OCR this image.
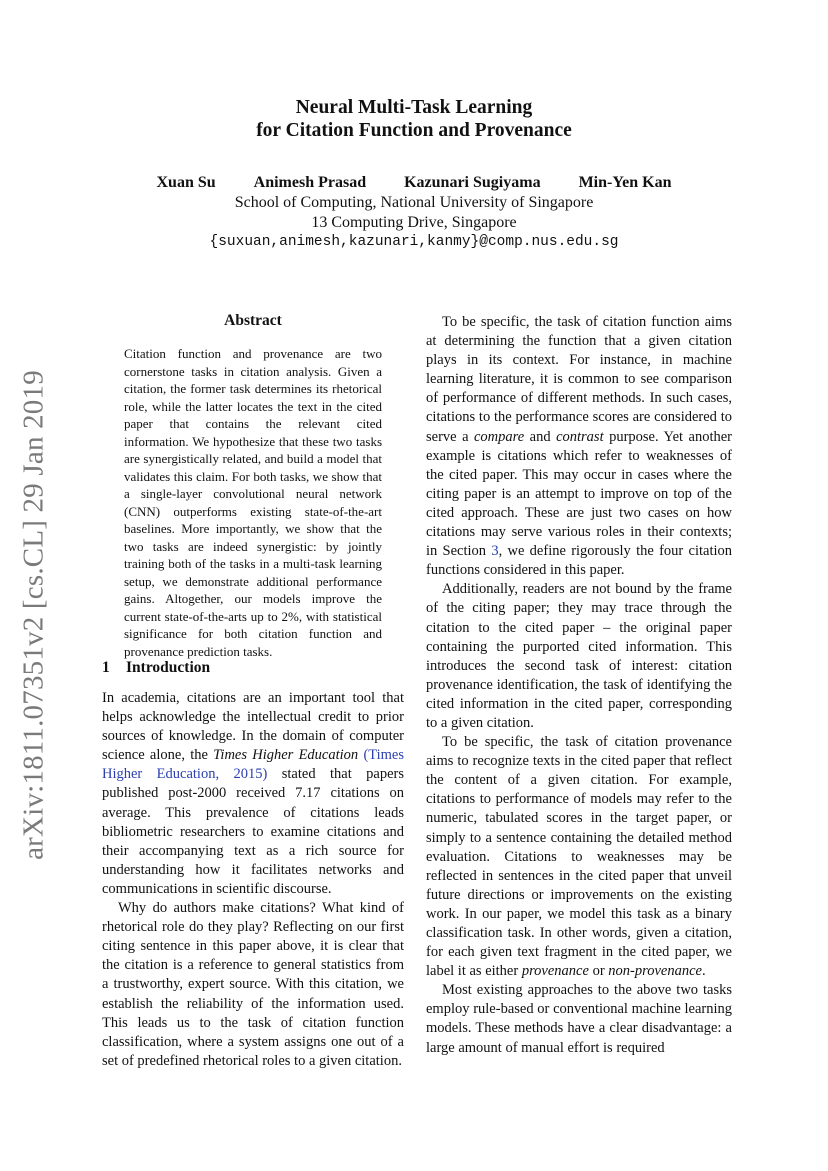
arXiv:1811.07351v2 [cs.CL] 29 Jan 2019
Neural Multi-Task Learning
for Citation Function and Provenance
Xuan Su Animesh Prasad Kazunari Sugiyama Min-Yen Kan
School of Computing, National University of Singapore
13 Computing Drive, Singapore
{suxuan,animesh,kazunari,kanmy}@comp.nus.edu.sg
Abstract
Citation function and provenance are two cornerstone tasks in citation analysis. Given a citation, the former task determines its rhetorical role, while the latter locates the text in the cited paper that contains the relevant cited information. We hypothesize that these two tasks are synergistically related, and build a model that validates this claim. For both tasks, we show that a single-layer convolutional neural network (CNN) outperforms existing state-of-the-art baselines. More importantly, we show that the two tasks are indeed synergistic: by jointly training both of the tasks in a multi-task learning setup, we demonstrate additional performance gains. Altogether, our models improve the current state-of-the-arts up to 2%, with statistical significance for both citation function and provenance prediction tasks.
1 Introduction

In academia, citations are an important tool that helps acknowledge the intellectual credit to prior sources of knowledge. In the domain of computer science alone, the Times Higher Education (Times Higher Education, 2015) stated that papers published post-2000 received 7.17 citations on average. This prevalence of citations leads bibliometric researchers to examine citations and their accompanying text as a rich source for understanding how it facilitates networks and communications in scientific discourse.

Why do authors make citations? What kind of rhetorical role do they play? Reflecting on our first citing sentence in this paper above, it is clear that the citation is a reference to general statistics from a trustworthy, expert source. With this citation, we establish the reliability of the information used. This leads us to the task of citation function classification, where a system assigns one out of a set of predefined rhetorical roles to a given citation.

To be specific, the task of citation function aims at determining the function that a given citation plays in its context. For instance, in machine learning literature, it is common to see comparison of performance of different methods. In such cases, citations to the performance scores are considered to serve a compare and contrast purpose. Yet another example is citations which refer to weaknesses of the cited paper. This may occur in cases where the citing paper is an attempt to improve on top of the cited approach. These are just two cases on how citations may serve various roles in their contexts; in Section 3, we define rigorously the four citation functions considered in this paper.

Additionally, readers are not bound by the frame of the citing paper; they may trace through the citation to the cited paper – the original paper containing the purported cited information. This introduces the second task of interest: citation provenance identification, the task of identifying the cited information in the cited paper, corresponding to a given citation.

To be specific, the task of citation provenance aims to recognize texts in the cited paper that reflect the content of a given citation. For example, citations to performance of models may refer to the numeric, tabulated scores in the target paper, or simply to a sentence containing the detailed method evaluation. Citations to weaknesses may be reflected in sentences in the cited paper that unveil future directions or improvements on the existing work. In our paper, we model this task as a binary classification task. In other words, given a citation, for each given text fragment in the cited paper, we label it as either provenance or non-provenance.

Most existing approaches to the above two tasks employ rule-based or conventional machine learning models. These methods have a clear disadvantage: a large amount of manual effort is required
